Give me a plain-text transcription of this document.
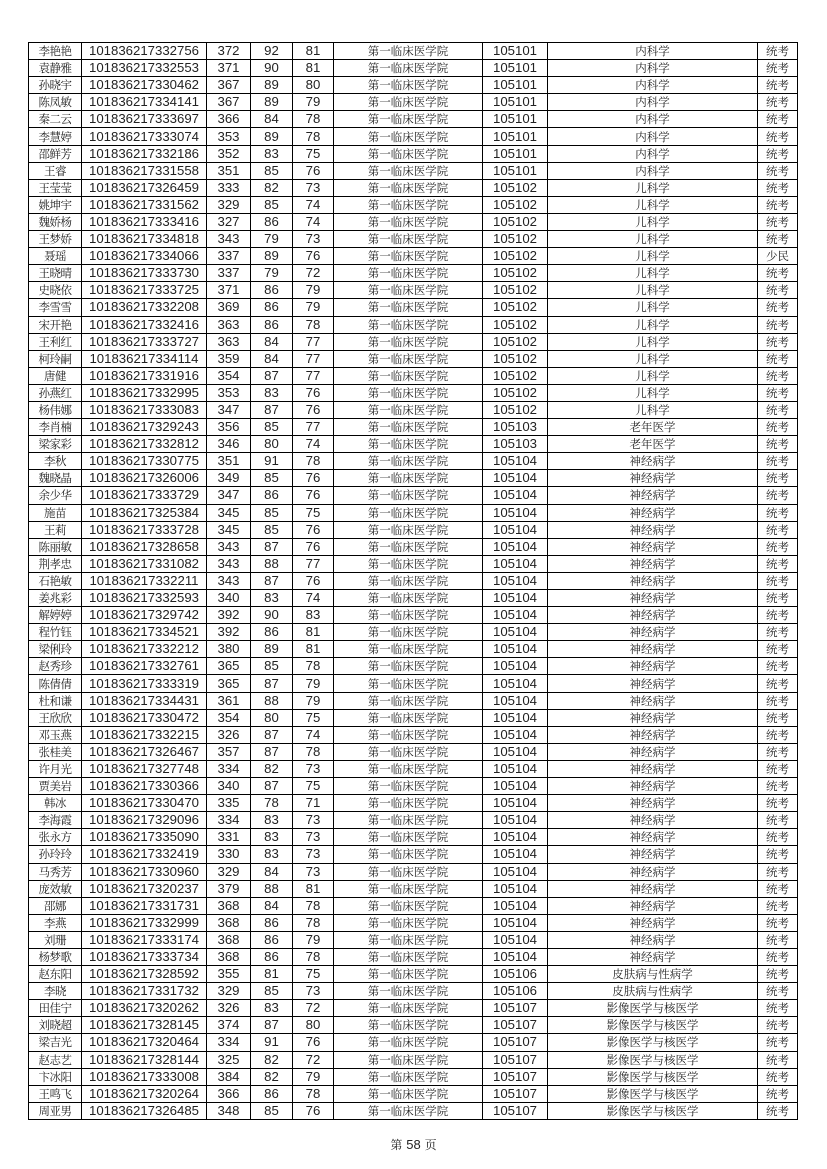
李艳艳	101836217332756	372	92	81	第一临床医学院	105101	内科学	统考
袁静雅	101836217332553	371	90	81	第一临床医学院	105101	内科学	统考
孙晓宇	101836217330462	367	89	80	第一临床医学院	105101	内科学	统考
陈凤敏	101836217334141	367	89	79	第一临床医学院	105101	内科学	统考
秦二云	101836217333697	366	84	78	第一临床医学院	105101	内科学	统考
李慧婷	101836217333074	353	89	78	第一临床医学院	105101	内科学	统考
邵鲜芳	101836217332186	352	83	75	第一临床医学院	105101	内科学	统考
王睿	101836217331558	351	85	76	第一临床医学院	105101	内科学	统考
王莹莹	101836217326459	333	82	73	第一临床医学院	105102	儿科学	统考
姚坤宇	101836217331562	329	85	74	第一临床医学院	105102	儿科学	统考
魏娇杨	101836217333416	327	86	74	第一临床医学院	105102	儿科学	统考
王梦娇	101836217334818	343	79	73	第一临床医学院	105102	儿科学	统考
聂瑶	101836217334066	337	89	76	第一临床医学院	105102	儿科学	少民
王晓晴	101836217333730	337	79	72	第一临床医学院	105102	儿科学	统考
史晓依	101836217333725	371	86	79	第一临床医学院	105102	儿科学	统考
李雪雪	101836217332208	369	86	79	第一临床医学院	105102	儿科学	统考
宋开艳	101836217332416	363	86	78	第一临床医学院	105102	儿科学	统考
王利红	101836217333727	363	84	77	第一临床医学院	105102	儿科学	统考
柯玲嗣	101836217334114	359	84	77	第一临床医学院	105102	儿科学	统考
唐健	101836217331916	354	87	77	第一临床医学院	105102	儿科学	统考
孙燕红	101836217332995	353	83	76	第一临床医学院	105102	儿科学	统考
杨伟娜	101836217333083	347	87	76	第一临床医学院	105102	儿科学	统考
李肖楠	101836217329243	356	85	77	第一临床医学院	105103	老年医学	统考
梁家彩	101836217332812	346	80	74	第一临床医学院	105103	老年医学	统考
李秋	101836217330775	351	91	78	第一临床医学院	105104	神经病学	统考
魏晓晶	101836217326006	349	85	76	第一临床医学院	105104	神经病学	统考
余少华	101836217333729	347	86	76	第一临床医学院	105104	神经病学	统考
施苗	101836217325384	345	85	75	第一临床医学院	105104	神经病学	统考
王莉	101836217333728	345	85	76	第一临床医学院	105104	神经病学	统考
陈丽敏	101836217328658	343	87	76	第一临床医学院	105104	神经病学	统考
荆孝忠	101836217331082	343	88	77	第一临床医学院	105104	神经病学	统考
石艳敏	101836217332211	343	87	76	第一临床医学院	105104	神经病学	统考
姜兆彩	101836217332593	340	83	74	第一临床医学院	105104	神经病学	统考
解婷婷	101836217329742	392	90	83	第一临床医学院	105104	神经病学	统考
程竹钰	101836217334521	392	86	81	第一临床医学院	105104	神经病学	统考
梁俐玲	101836217332212	380	89	81	第一临床医学院	105104	神经病学	统考
赵秀珍	101836217332761	365	85	78	第一临床医学院	105104	神经病学	统考
陈倩倩	101836217333319	365	87	79	第一临床医学院	105104	神经病学	统考
杜和谦	101836217334431	361	88	79	第一临床医学院	105104	神经病学	统考
王欣欣	101836217330472	354	80	75	第一临床医学院	105104	神经病学	统考
邓玉燕	101836217332215	326	87	74	第一临床医学院	105104	神经病学	统考
张桂美	101836217326467	357	87	78	第一临床医学院	105104	神经病学	统考
许月光	101836217327748	334	82	73	第一临床医学院	105104	神经病学	统考
贾美岩	101836217330366	340	87	75	第一临床医学院	105104	神经病学	统考
韩冰	101836217330470	335	78	71	第一临床医学院	105104	神经病学	统考
李海霞	101836217329096	334	83	73	第一临床医学院	105104	神经病学	统考
张永方	101836217335090	331	83	73	第一临床医学院	105104	神经病学	统考
孙玲玲	101836217332419	330	83	73	第一临床医学院	105104	神经病学	统考
马秀芳	101836217330960	329	84	73	第一临床医学院	105104	神经病学	统考
庞效敏	101836217320237	379	88	81	第一临床医学院	105104	神经病学	统考
邵娜	101836217331731	368	84	78	第一临床医学院	105104	神经病学	统考
李燕	101836217332999	368	86	78	第一临床医学院	105104	神经病学	统考
刘珊	101836217333174	368	86	79	第一临床医学院	105104	神经病学	统考
杨梦歌	101836217333734	368	86	78	第一临床医学院	105104	神经病学	统考
赵东阳	101836217328592	355	81	75	第一临床医学院	105106	皮肤病与性病学	统考
李晓	101836217331732	329	85	73	第一临床医学院	105106	皮肤病与性病学	统考
田佳宁	101836217320262	326	83	72	第一临床医学院	105107	影像医学与核医学	统考
刘晓超	101836217328145	374	87	80	第一临床医学院	105107	影像医学与核医学	统考
梁吉光	101836217320464	334	91	76	第一临床医学院	105107	影像医学与核医学	统考
赵志艺	101836217328144	325	82	72	第一临床医学院	105107	影像医学与核医学	统考
卞冰阳	101836217333008	384	82	79	第一临床医学院	105107	影像医学与核医学	统考
王鸣飞	101836217320264	366	86	78	第一临床医学院	105107	影像医学与核医学	统考
周亚男	101836217326485	348	85	76	第一临床医学院	105107	影像医学与核医学	统考
第 58 页
